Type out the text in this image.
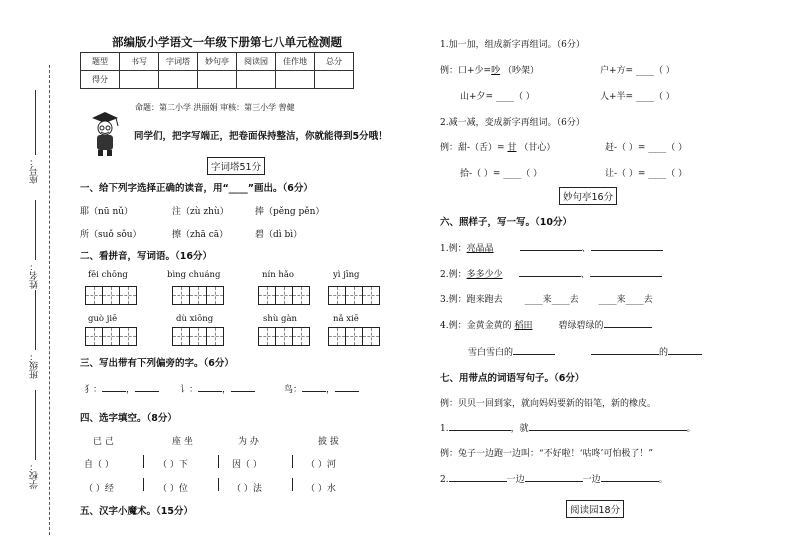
座号：
姓名：
班级：
学校：
部编版小学语文一年级下册第七八单元检测题
题型	书写	字词塔	妙句亭	阅读园	佳作地	总分
得分						
命题：第二小学 洪丽娟 审核：第三小学 曾健
同学们，把字写端正，把卷面保持整洁，你就能得到5分哦！
字词塔51分
一、给下列字选择正确的读音，用“____”画出。（6分）
耶（nū nǔ）	注（zù zhù）	捧（pěng pěn）
所（suǒ sǒu）	擦（zhā cā）	碧（dì bì）
二、看拼音，写词语。（16分）
fēi chōng	bìng chuáng	nín hǎo	yì jīng
guò jiē	dù xiōng	shù gàn	nǎ xiē
三、写出带有下列偏旁的字。（6分）
犭：	，	讠：	，	鸟：	，
四、选字填空。（8分）
已 己	座 坐	为 办	披 拔
自（ ）	（ ）下	因（ ）	（ ）河
（ ）经	（ ）位	（ ）法	（ ）水
五、汉字小魔术。（15分）
1.加一加，组成新字再组词。（6分）
例：口+少=吵 （吵架）	户+方= ____（ ）
山+夕= ____（ ）	人+半= ____（ ）
2.减一减，变成新字再组词。（6分）
例：甜-（舌）= 甘 （甘心）	赶-（ ）= ____（ ）
拾-（ ）= ____（ ）	让-（ ）= ____（ ）
妙句亭16分
六、照样子，写一写。（10分）
1.例：亮晶晶	、
2.例：多多少少	、
3.例：跑来跑去 ____来____去 ____来____去
4.例：金黄金黄的 稻田	碧绿碧绿的
雪白雪白的	的
七、用带点的词语写句子。（6分）
例：贝贝一回到家，就向妈妈要新的铅笔，新的橡皮。
1.	，就	。
例：兔子一边跑一边叫：“不好啦！‘咕咚’可怕极了！”
2.	一边	一边	。
阅读园18分
